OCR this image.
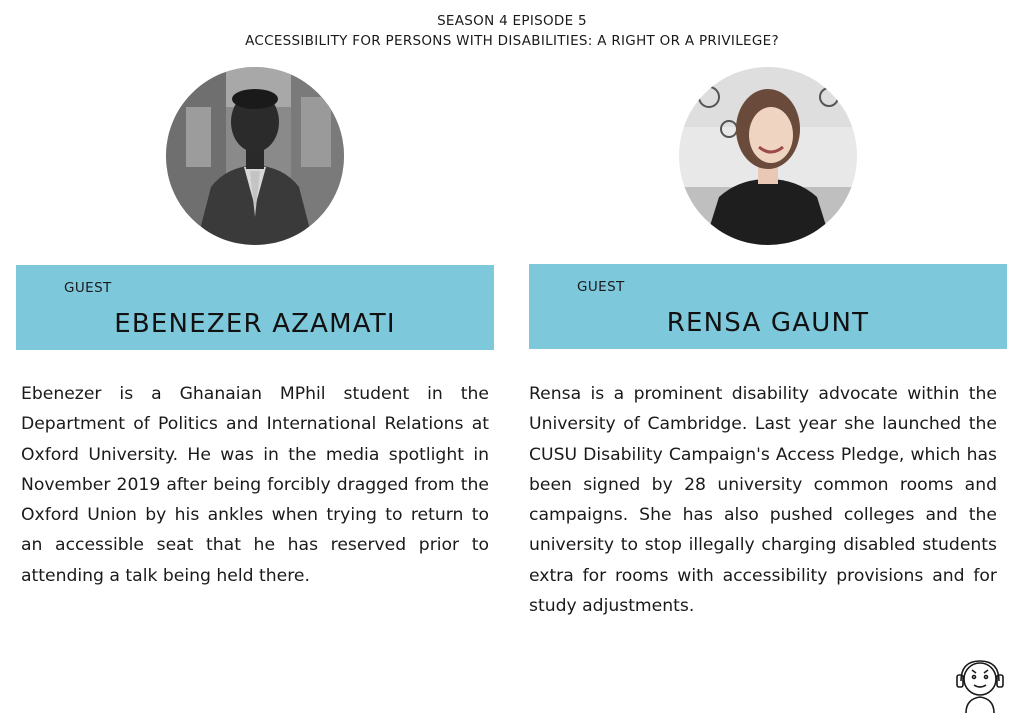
SEASON 4 EPISODE 5
ACCESSIBILITY FOR PERSONS WITH DISABILITIES: A RIGHT OR A PRIVILEGE?
GUEST
EBENEZER AZAMATI
GUEST
RENSA GAUNT
Ebenezer is a Ghanaian MPhil student in the Department of Politics and International Relations at Oxford University. He was in the media spotlight in November 2019 after being forcibly dragged from the Oxford Union by his ankles when trying to return to an accessible seat that he has reserved prior to attending a talk being held there.
Rensa is a prominent disability advocate within the University of Cambridge. Last year she launched the CUSU Disability Campaign's Access Pledge, which has been signed by 28 university common rooms and campaigns. She has also pushed colleges and the university to stop illegally charging disabled students extra for rooms with accessibility provisions and for study adjustments.
